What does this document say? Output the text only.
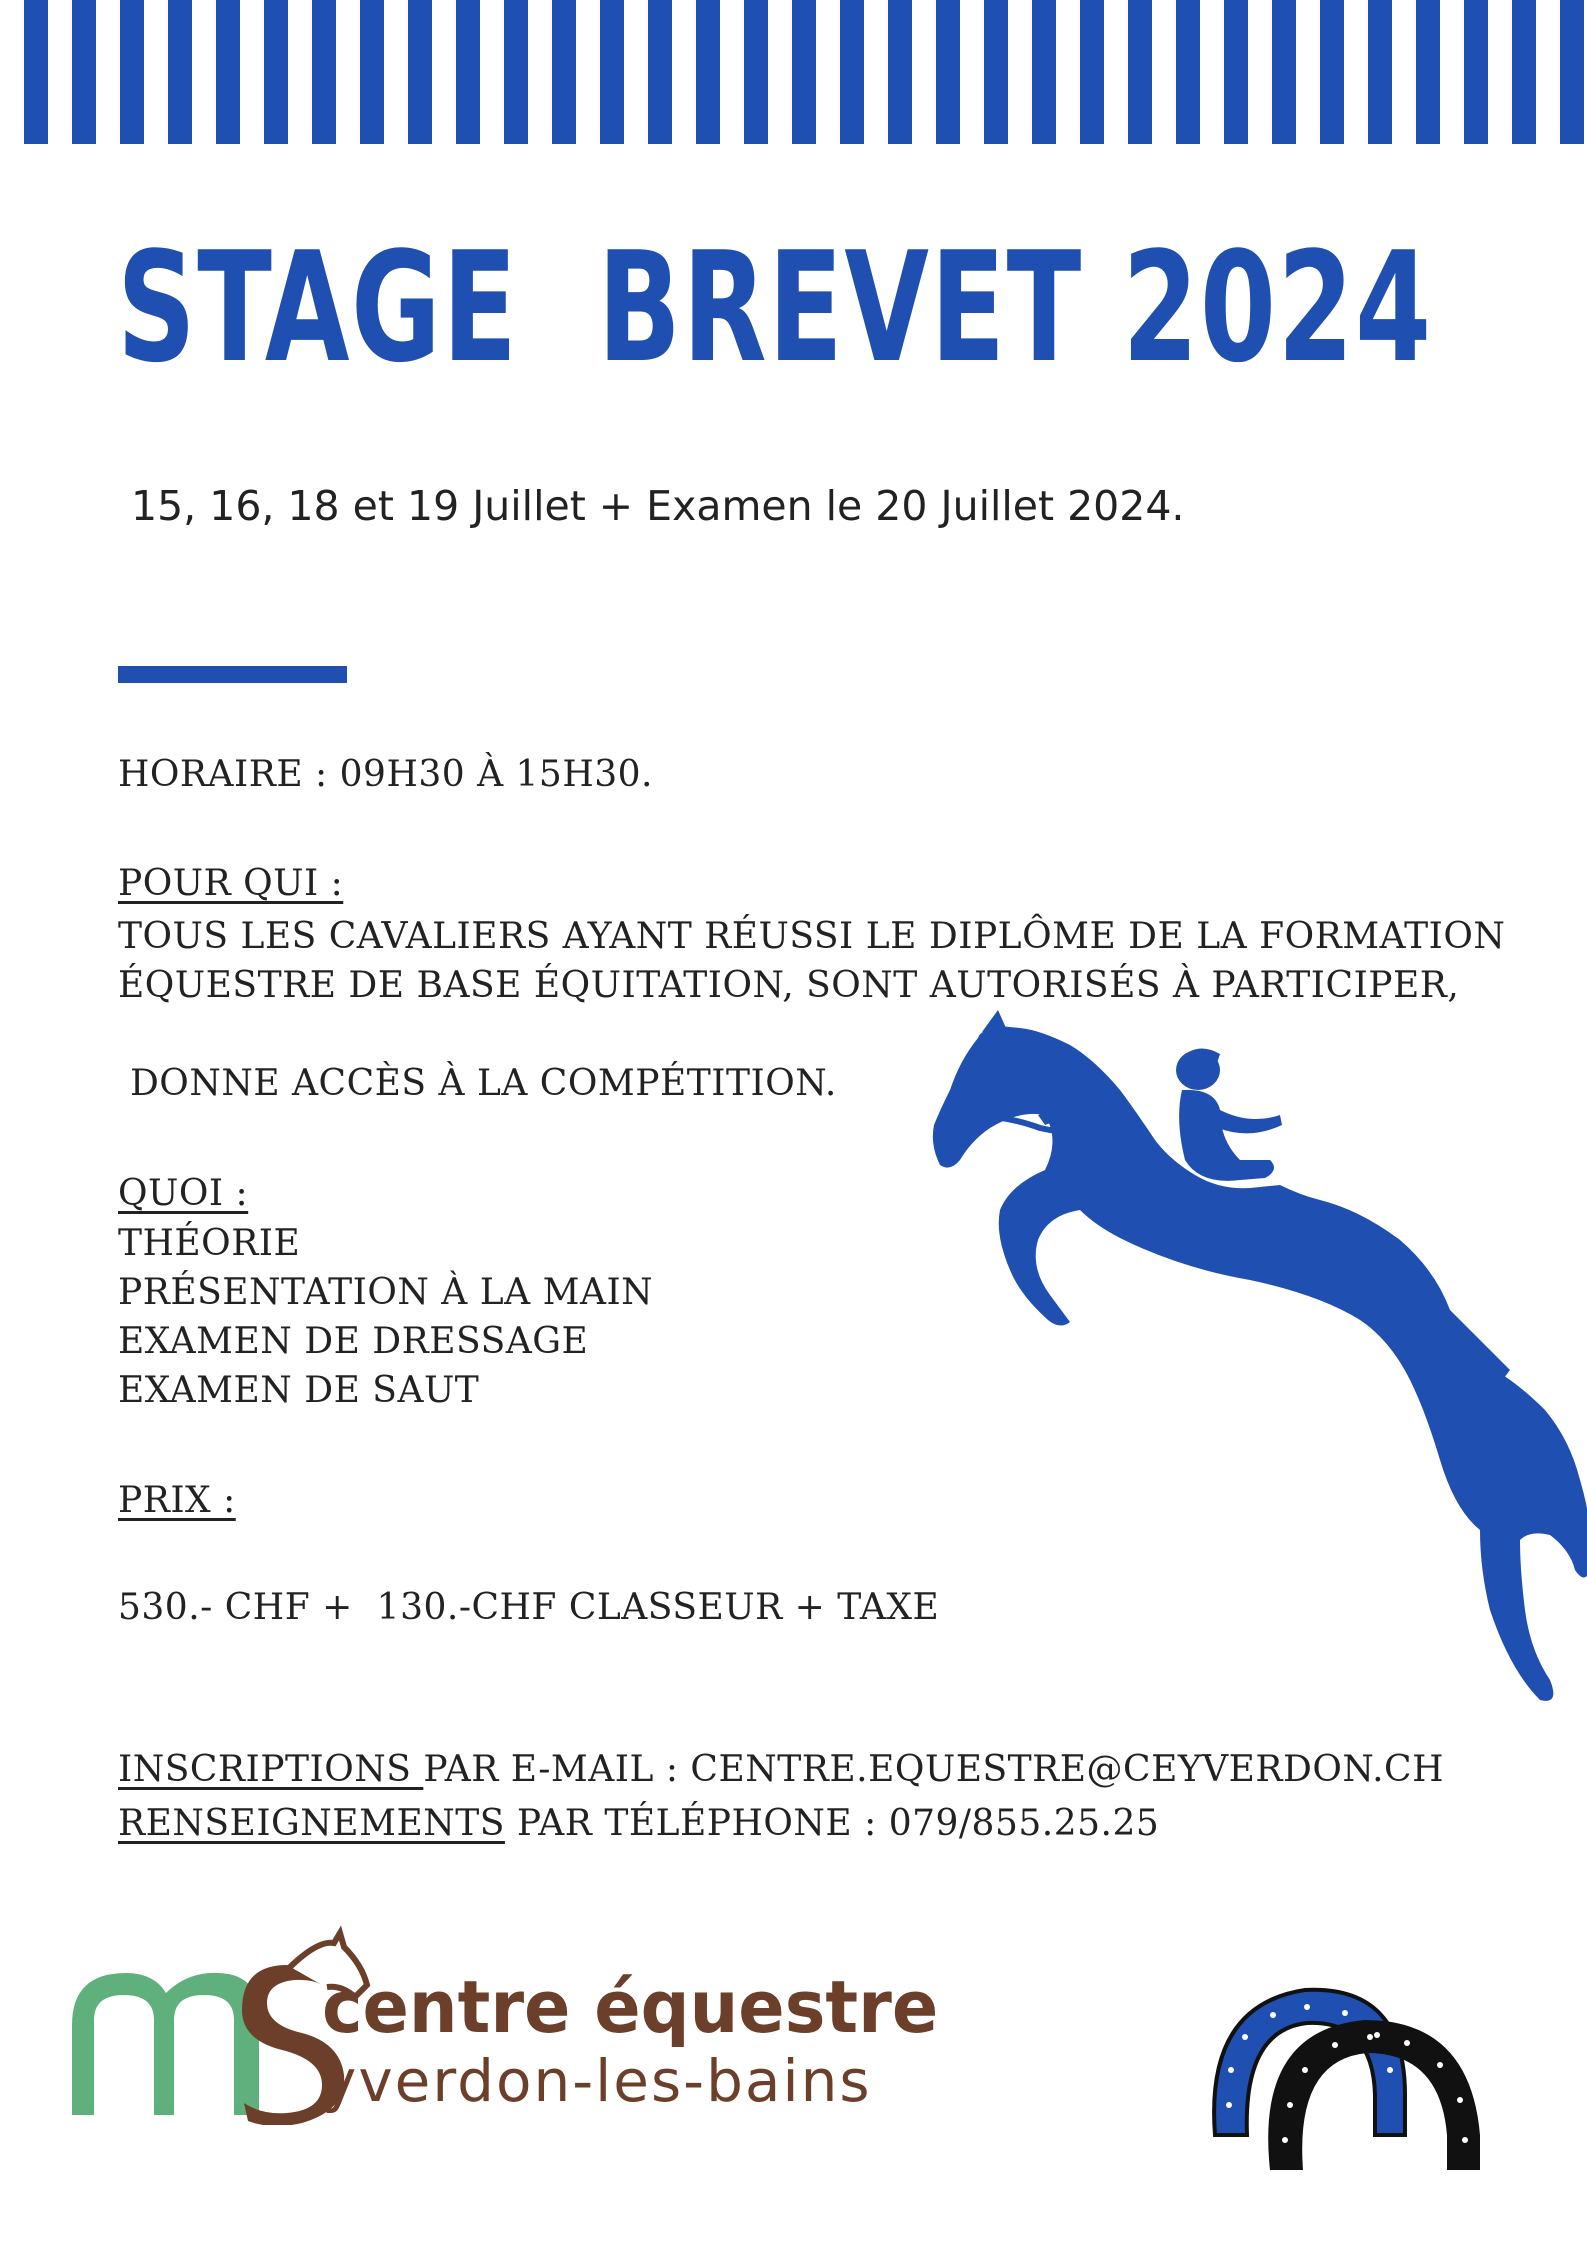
STAGE  BREVET 2024
15, 16, 18 et 19 Juillet + Examen le 20 Juillet 2024.
HORAIRE : 09H30 À 15H30.
POUR QUI :
TOUS LES CAVALIERS AYANT RÉUSSI LE DIPLÔME DE LA FORMATION
ÉQUESTRE DE BASE ÉQUITATION, SONT AUTORISÉS À PARTICIPER,
DONNE ACCÈS À LA COMPÉTITION.
QUOI :
THÉORIE
PRÉSENTATION À LA MAIN
EXAMEN DE DRESSAGE
EXAMEN DE SAUT
PRIX :
530.- CHF +  130.-CHF CLASSEUR + TAXE
INSCRIPTIONS PAR E-MAIL : CENTRE.EQUESTRE@CEYVERDON.CH
RENSEIGNEMENTS PAR TÉLÉPHONE : 079/855.25.25
centre équestre
yverdon-les-bains
